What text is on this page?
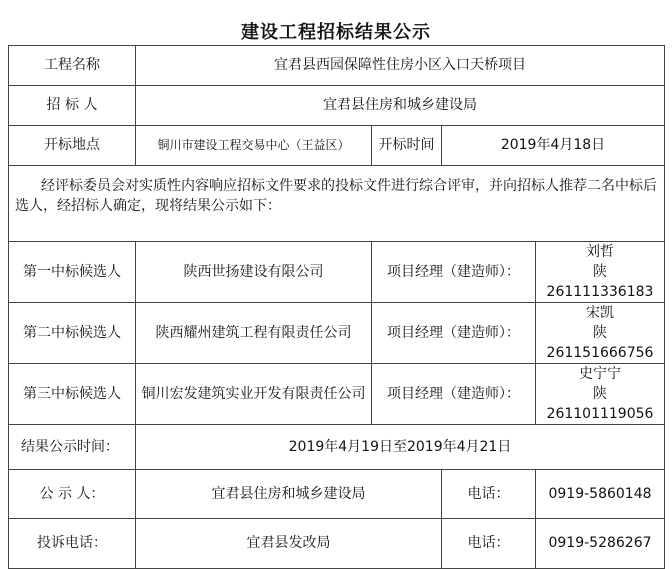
建设工程招标结果公示
工程名称	宜君县西园保障性住房小区入口天桥项目			
招 标 人	宜君县住房和城乡建设局			
开标地点	铜川市建设工程交易中心（王益区）	开标时间	2019年4月18日	
经评标委员会对实质性内容响应招标文件要求的投标文件进行综合评审，并向招标人推荐二名中标后选人，经招标人确定，现将结果公示如下：				
第一中标候选人	陕西世扬建设有限公司	项目经理（建造师）：		刘哲
陕261111336183

第二中标候选人	陕西耀州建筑工程有限责任公司	项目经理（建造师）：		宋凯
陕261151666756

第三中标候选人	铜川宏发建筑实业开发有限责任公司	项目经理（建造师）：		史宁宁
陕261101119056

结果公示时间：	2019年4月19日至2019年4月21日			
公 示 人：	宜君县住房和城乡建设局		电话：	0919-5860148
投诉电话：	宜君县发改局		电话：	0919-5286267
